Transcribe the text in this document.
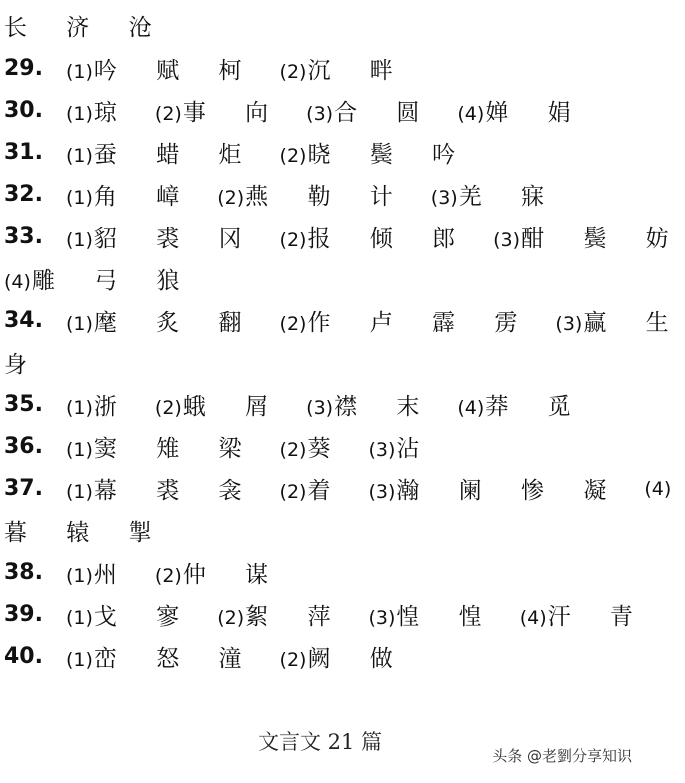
长 济 沧
29.	(1)吟 赋 柯 (2)沉 畔
30.	(1)琼 (2)事 向 (3)合 圆 (4)婵 娟
31.	(1)蚕 蜡 炬 (2)晓 鬓 吟
32.	(1)角 嶂 (2)燕 勒 计 (3)羌 寐
33.	(1)貂 裘 冈 (2)报 倾 郎 (3)酣 鬓 妨
(4)雕 弓 狼
34.	(1)麾 炙 翻 (2)作 卢 霹 雳 (3)赢 生
身
35.	(1)浙 (2)蛾 屑 (3)襟 末 (4)莽 觅
36.	(1)窦 雉 梁 (2)葵 (3)沾
37.	(1)幕 裘 衾 (2)着 (3)瀚 阑 惨 凝 (4)
暮 辕 掣
38.	(1)州 (2)仲 谋
39.	(1)戈 寥 (2)絮 萍 (3)惶 惶 (4)汗 青
40.	(1)峦 怒 潼 (2)阙 做
文言文 21 篇
头条 @老劉分享知识
